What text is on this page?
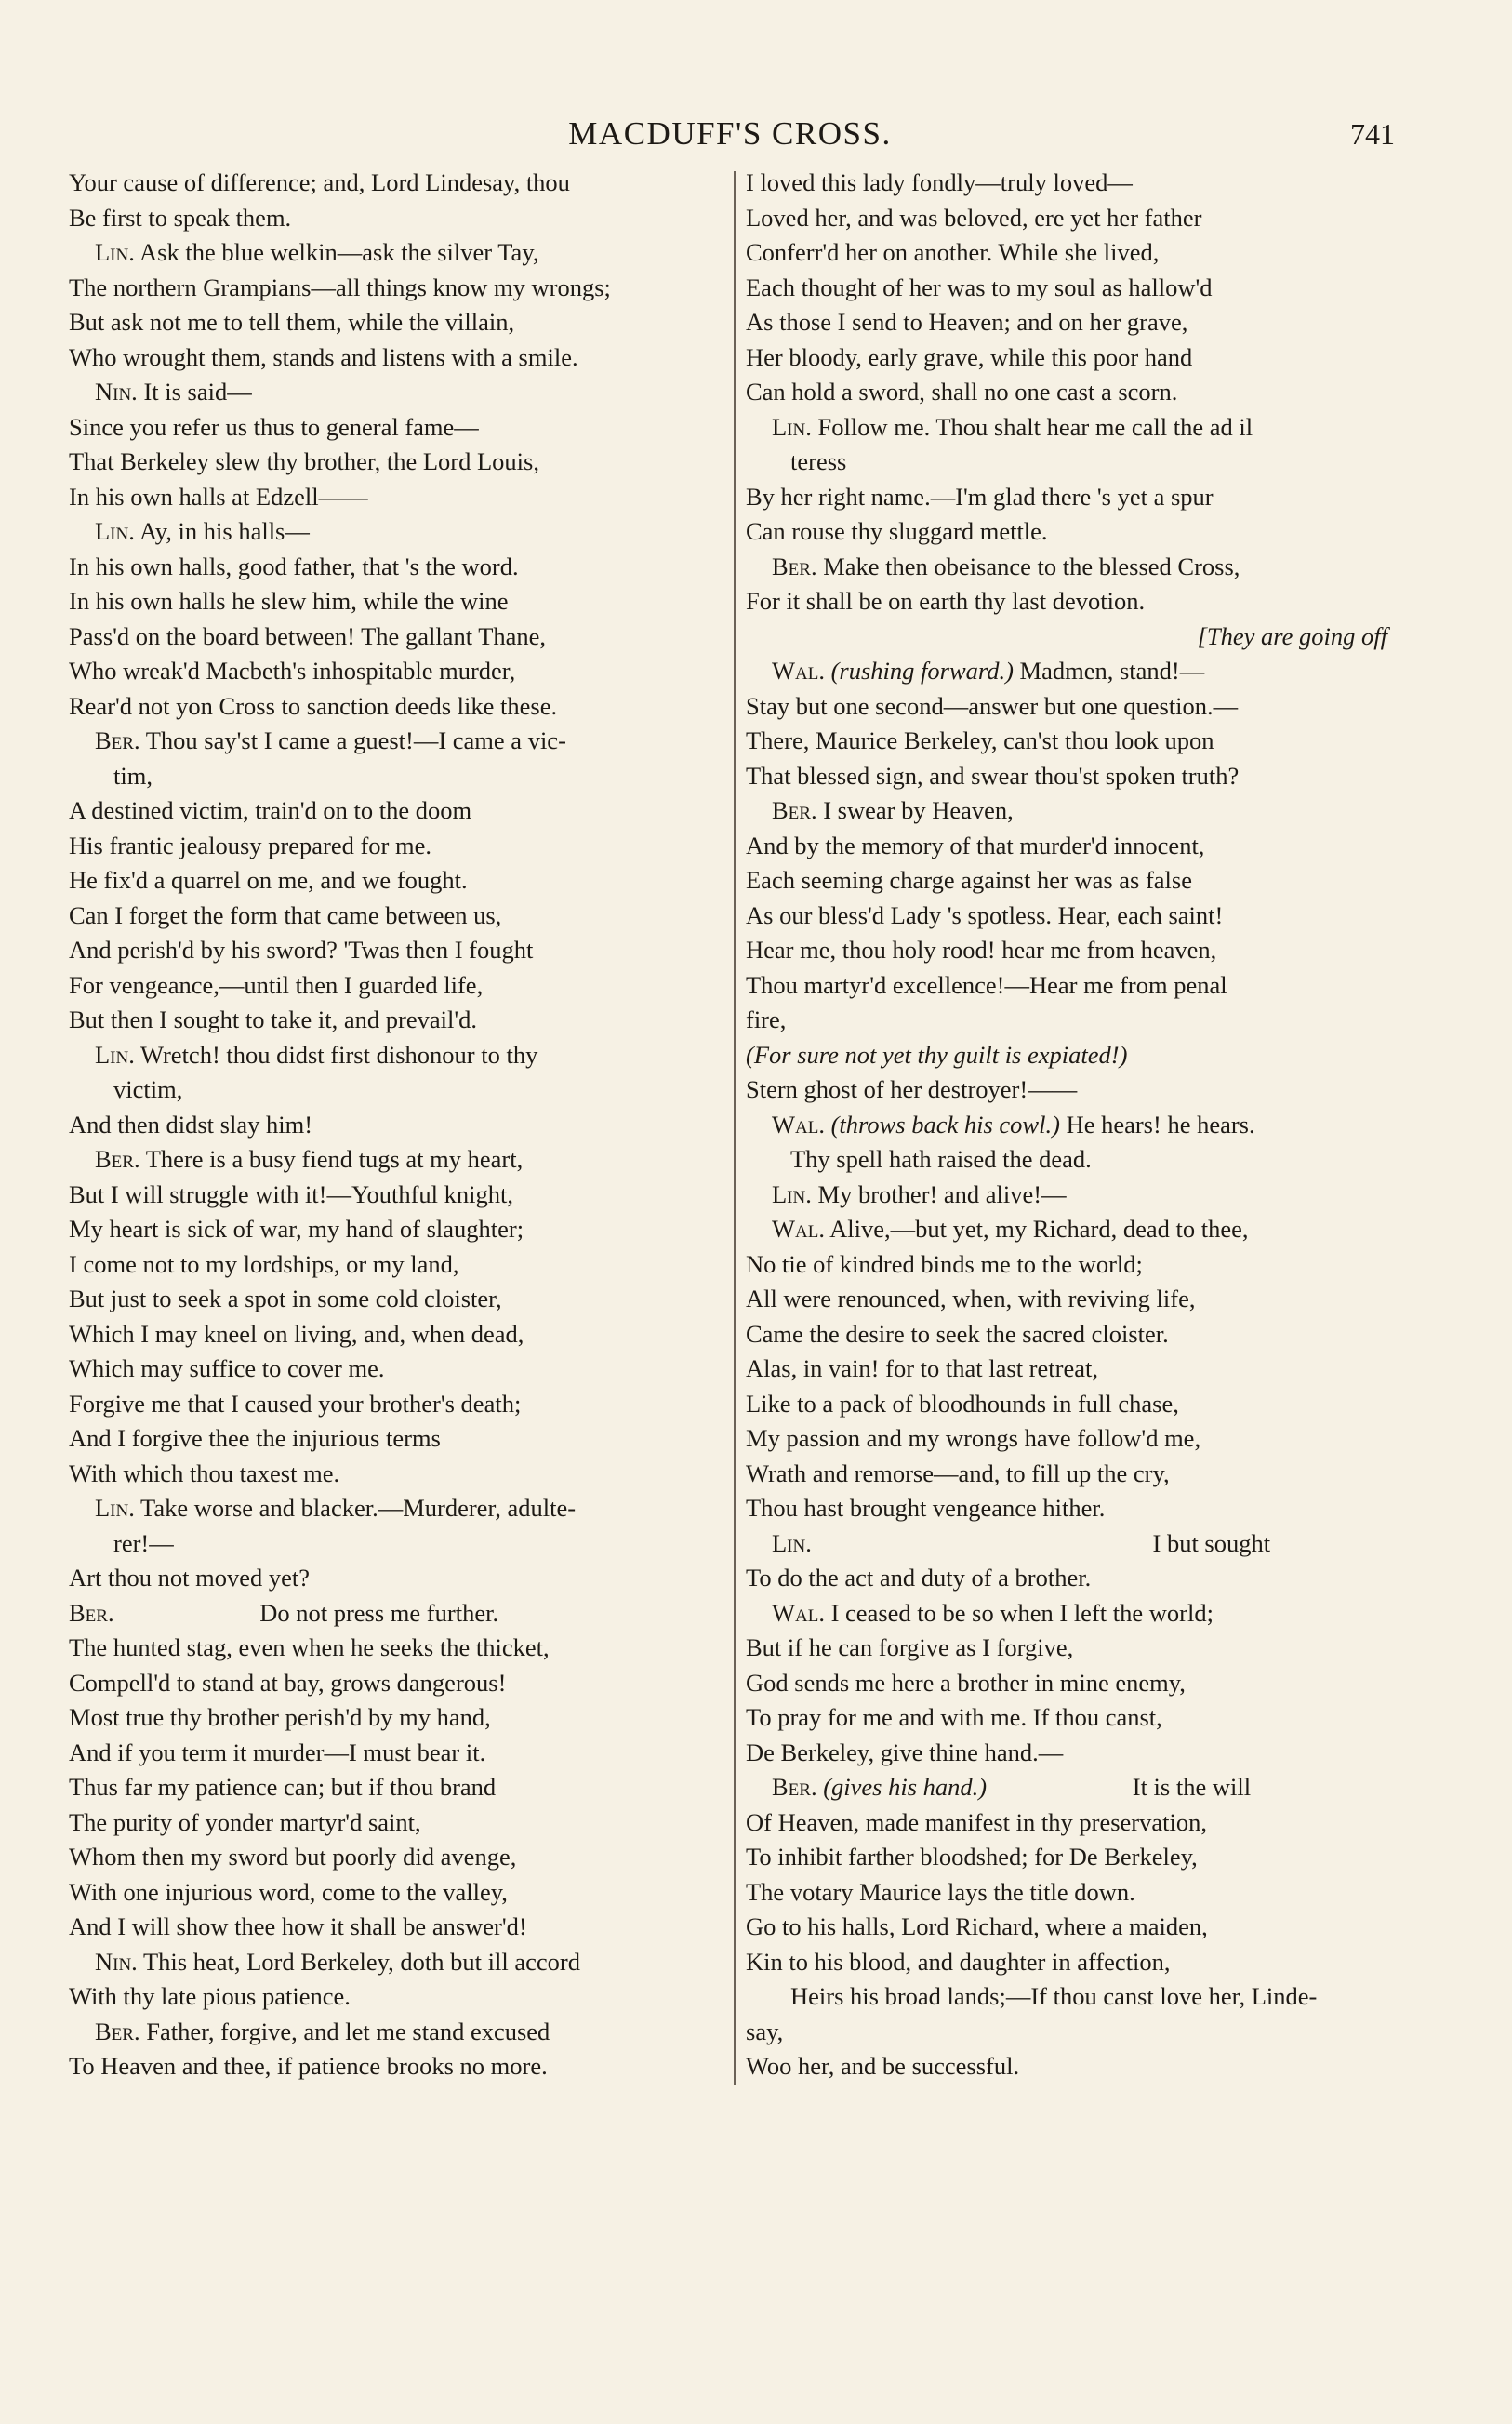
MACDUFF'S CROSS.	741
Your cause of difference; and, Lord Lindesay, thou
Be first to speak them.
Lin. Ask the blue welkin—ask the silver Tay,
The northern Grampians—all things know my wrongs;
But ask not me to tell them, while the villain,
Who wrought them, stands and listens with a smile.
Nin. It is said—
Since you refer us thus to general fame—
That Berkeley slew thy brother, the Lord Louis,
In his own halls at Edzell——
Lin. Ay, in his halls—
In his own halls, good father, that 's the word.
In his own halls he slew him, while the wine
Pass'd on the board between! The gallant Thane,
Who wreak'd Macbeth's inhospitable murder,
Rear'd not yon Cross to sanction deeds like these.
Ber. Thou say'st I came a guest!—I came a vic-
tim,
A destined victim, train'd on to the doom
His frantic jealousy prepared for me.
He fix'd a quarrel on me, and we fought.
Can I forget the form that came between us,
And perish'd by his sword? 'Twas then I fought
For vengeance,—until then I guarded life,
But then I sought to take it, and prevail'd.
Lin. Wretch! thou didst first dishonour to thy
victim,
And then didst slay him!
Ber. There is a busy fiend tugs at my heart,
But I will struggle with it!—Youthful knight,
My heart is sick of war, my hand of slaughter;
I come not to my lordships, or my land,
But just to seek a spot in some cold cloister,
Which I may kneel on living, and, when dead,
Which may suffice to cover me.
Forgive me that I caused your brother's death;
And I forgive thee the injurious terms
With which thou taxest me.
Lin. Take worse and blacker.—Murderer, adulte-
rer!—
Art thou not moved yet?
Ber.	Do not press me further.
The hunted stag, even when he seeks the thicket,
Compell'd to stand at bay, grows dangerous!
Most true thy brother perish'd by my hand,
And if you term it murder—I must bear it.
Thus far my patience can; but if thou brand
The purity of yonder martyr'd saint,
Whom then my sword but poorly did avenge,
With one injurious word, come to the valley,
And I will show thee how it shall be answer'd!
Nin. This heat, Lord Berkeley, doth but ill accord
With thy late pious patience.
Ber. Father, forgive, and let me stand excused
To Heaven and thee, if patience brooks no more.
I loved this lady fondly—truly loved—
Loved her, and was beloved, ere yet her father
Conferr'd her on another. While she lived,
Each thought of her was to my soul as hallow'd
As those I send to Heaven; and on her grave,
Her bloody, early grave, while this poor hand
Can hold a sword, shall no one cast a scorn.
Lin. Follow me. Thou shalt hear me call the ad il
teress
By her right name.—I'm glad there 's yet a spur
Can rouse thy sluggard mettle.
Ber. Make then obeisance to the blessed Cross,
For it shall be on earth thy last devotion.
[They are going off
Wal. (rushing forward.) Madmen, stand!—
Stay but one second—answer but one question.—
There, Maurice Berkeley, can'st thou look upon
That blessed sign, and swear thou'st spoken truth?
Ber. I swear by Heaven,
And by the memory of that murder'd innocent,
Each seeming charge against her was as false
As our bless'd Lady 's spotless. Hear, each saint!
Hear me, thou holy rood! hear me from heaven,
Thou martyr'd excellence!—Hear me from penal
fire,
(For sure not yet thy guilt is expiated!)
Stern ghost of her destroyer!——
Wal. (throws back his cowl.) He hears! he hears.
Thy spell hath raised the dead.
Lin. My brother! and alive!—
Wal. Alive,—but yet, my Richard, dead to thee,
No tie of kindred binds me to the world;
All were renounced, when, with reviving life,
Came the desire to seek the sacred cloister.
Alas, in vain! for to that last retreat,
Like to a pack of bloodhounds in full chase,
My passion and my wrongs have follow'd me,
Wrath and remorse—and, to fill up the cry,
Thou hast brought vengeance hither.
Lin.	I but sought
To do the act and duty of a brother.
Wal. I ceased to be so when I left the world;
But if he can forgive as I forgive,
God sends me here a brother in mine enemy,
To pray for me and with me. If thou canst,
De Berkeley, give thine hand.—
Ber. (gives his hand.)	It is the will
Of Heaven, made manifest in thy preservation,
To inhibit farther bloodshed; for De Berkeley,
The votary Maurice lays the title down.
Go to his halls, Lord Richard, where a maiden,
Kin to his blood, and daughter in affection,
Heirs his broad lands;—If thou canst love her, Linde-
say,
Woo her, and be successful.
